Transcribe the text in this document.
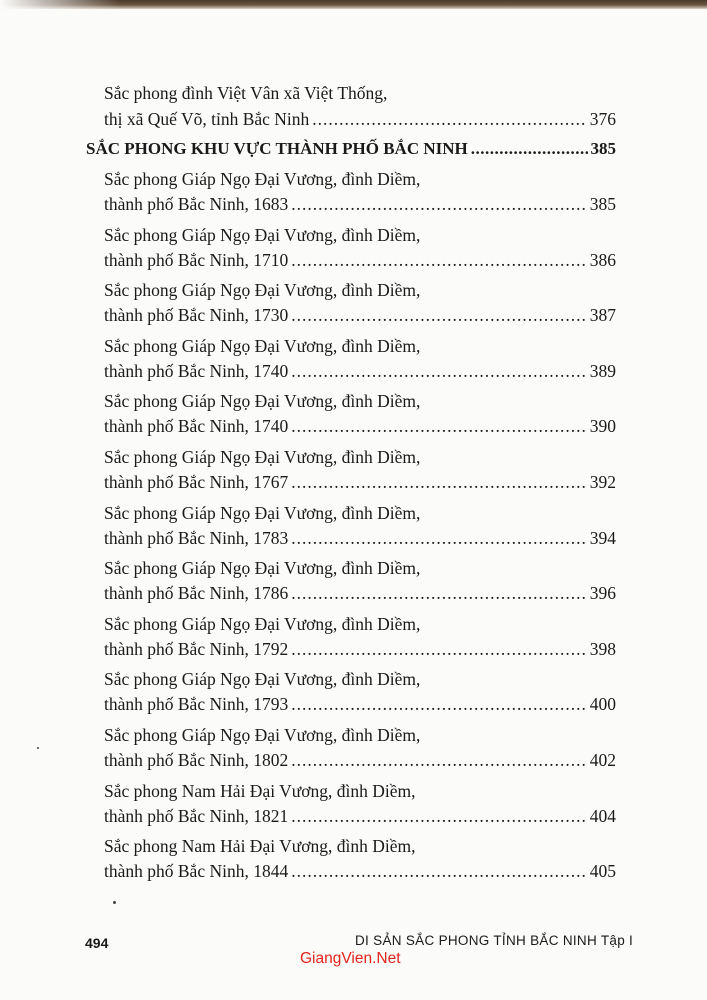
Sắc phong đình Việt Vân xã Việt Thống,
thị xã Quế Võ, tỉnh Bắc Ninh .....	376
SẮC PHONG KHU VỰC THÀNH PHỐ BẮC NINH .....	385
Sắc phong Giáp Ngọ Đại Vương, đình Diềm,
thành phố Bắc Ninh, 1683 .....	385
Sắc phong Giáp Ngọ Đại Vương, đình Diềm,
thành phố Bắc Ninh, 1710 .....	386
Sắc phong Giáp Ngọ Đại Vương, đình Diềm,
thành phố Bắc Ninh, 1730 .....	387
Sắc phong Giáp Ngọ Đại Vương, đình Diềm,
thành phố Bắc Ninh, 1740 .....	389
Sắc phong Giáp Ngọ Đại Vương, đình Diềm,
thành phố Bắc Ninh, 1740 .....	390
Sắc phong Giáp Ngọ Đại Vương, đình Diềm,
thành phố Bắc Ninh, 1767 .....	392
Sắc phong Giáp Ngọ Đại Vương, đình Diềm,
thành phố Bắc Ninh, 1783 .....	394
Sắc phong Giáp Ngọ Đại Vương, đình Diềm,
thành phố Bắc Ninh, 1786 .....	396
Sắc phong Giáp Ngọ Đại Vương, đình Diềm,
thành phố Bắc Ninh, 1792 .....	398
Sắc phong Giáp Ngọ Đại Vương, đình Diềm,
thành phố Bắc Ninh, 1793 .....	400
Sắc phong Giáp Ngọ Đại Vương, đình Diềm,
thành phố Bắc Ninh, 1802 .....	402
Sắc phong Nam Hải Đại Vương, đình Diềm,
thành phố Bắc Ninh, 1821 .....	404
Sắc phong Nam Hải Đại Vương, đình Diềm,
thành phố Bắc Ninh, 1844 .....	405
494	DI SẢN SẮC PHONG TỈNH BẮC NINH Tập I
GiangVien.Net
